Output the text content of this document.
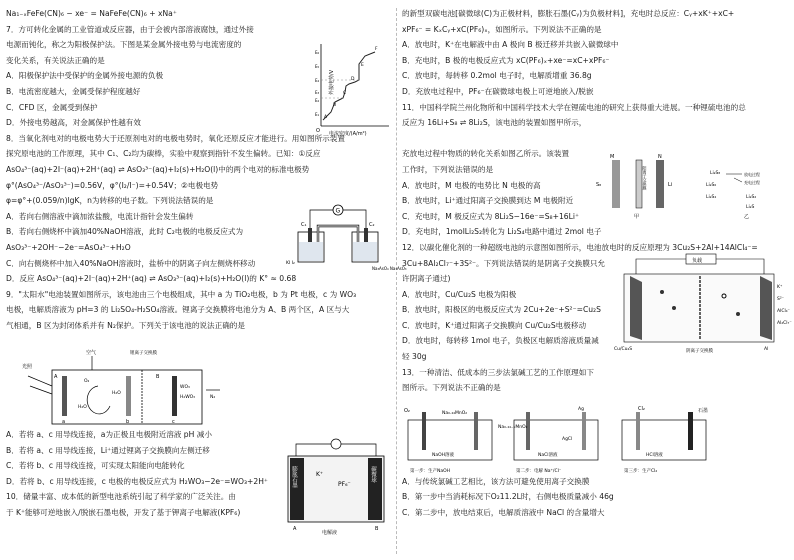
Na₁₋ₓFeFe(CN)₆ − xe⁻ = NaFeFe(CN)₆ + xNa⁺
7．方可转化金属的工业管道或反应器，由于会被内部溶液腐蚀，通过外接
电源而钝化，称之为阳极保护法。下图是某金属外接电势与电流密度的
变化关系，有关说法正确的是
A．阳极保护法中受保护的金属外接电源的负极
B．电流密度越大，金属受保护程度越好
C．CFD 区，金属受到保护
D．外接电势越高，对金属保护性越有效
8．当氧化剂电对的电极电势大于还原剂电对的电极电势时，氧化还原反应才能进行。用如图所示装置
探究原电池的工作原理，其中 C₁、C₂均为碳棒，实验中观察到指针不发生偏转。已知：①反应
AsO₄³⁻(aq)+2I⁻(aq)+2H⁺(aq) ⇌ AsO₃³⁻(aq)+I₂(s)+H₂O(l)中的两个电对的标准电极势
φ°(AsO₄³⁻/AsO₃³⁻)=0.56V，φ°(I₂/I⁻)=+0.54V；②电极电势
φ=φ°+(0.059/n)lgK，n为转移的电子数。下列说法错误的是
A．若向右侧溶液中滴加浓盐酸，电流计指针会发生偏转
B．若向右侧烧杯中滴加40%NaOH溶液，此时 C₂电极的电极反应式为
AsO₃³⁻+2OH⁻−2e⁻=AsO₄³⁻+H₂O
C．向右侧烧杯中加入40%NaOH溶液时，盐桥中的阴离子向左侧烧杯移动
D．反应 AsO₄³⁻(aq)+2I⁻(aq)+2H⁺(aq) ⇌ AsO₃³⁻(aq)+I₂(s)+H₂O(l)的 K° ≈ 0.68
9．"太阳水"电池装置如图所示，该电池由三个电极组成，其中 a 为 TiO₂电极，b 为 Pt 电极，c 为 WO₃
电极，电解质溶液为 pH=3 的 Li₂SO₄-H₂SO₄溶液。锂离子交换膜将电池分为 A、B 两个区，A 区与大
气相通，B 区为封闭体系并有 N₂保护。下列关于该电池的说法正确的是

A．若将 a、c 用导线连接，a为正极且电极附近溶液 pH 减小
B．若将 a、c 用导线连接，Li⁺通过锂离子交换膜向左侧迁移
C．若将 b、c 用导线连接，可实现太阳能向电能转化
D．若将 b、c 用导线连接，c 电极的电极反应式为 H₂WO₃−2e⁻=WO₃+2H⁺
10．储量丰富、成本低的新型电池系统引起了科学家的广泛关注。由
于 K⁺能够可逆地嵌入/脱嵌石墨电极，开发了基于钾离子电解液(KPF₆)
的新型双碳电池[碳微球(C)为正极材料，膨胀石墨(Cᵧ)为负极材料]，充电时总反应：Cᵧ+xK⁺+xC+
xPF₆⁻ = KₓCᵧ+xC(PF₆)ₓ，如图所示。下列说法不正确的是
A．放电时，K⁺在电解液中由 A 极向 B 极迁移并共嵌入碳微球中
B．充电时，B 极的电极反应式为 xC(PF₆)ₓ+xe⁻=xC+xPF₆⁻
C．放电时，每转移 0.2mol 电子时，电解质增重 36.8g
D．充放电过程中，PF₆⁻在碳微球电极上可逆地嵌入/脱嵌
11．中国科学院兰州化物所和中国科学技术大学在锂硫电池的研究上获得重大进展。一种锂硫电池的总
反应为 16Li+S₈ ⇌ 8Li₂S，该电池的装置如图甲所示，

充放电过程中物质的转化关系如图乙所示。该装置
工作时，下列说法错误的是
A．放电时，M 电极的电势比 N 电极的高
B．放电时，Li⁺通过阳离子交换膜到达 M 电极附近
C．充电时，M 极反应式为 8Li₂S−16e⁻=S₈+16Li⁺
D．充电时，1molLi₂S₂转化为 Li₂S₄电路中通过 2mol 电子
12．以碳化催化剂的一种超级电池的示意图如图所示，电池放电时的反应原理为 3Cu₂S+2Al+14AlCl₄⁻=
3Cu+8Al₂Cl₇⁻+3S²⁻。下列说法错误的是阴离子交换膜只允
许阴离子通过)
A．放电时，Cu/Cu₂S 电极为阳极
B．放电时，阳极区的电极反应式为 2Cu+2e⁻+S²⁻=Cu₂S
C．放电时，K⁺通过阳离子交换膜向 Cu/Cu₂S电极移动
D．放电时，每转移 1mol 电子，负极区电解质溶液质量减
轻 30g
13．一种清洁、低成本的三步法氯碱工艺的工作原理如下
图所示。下列说法不正确的是

A．与传统氯碱工艺相比，该方法可避免使用离子交换膜
B．第一步中当消耗标况下O₂11.2L时，右侧电极质量减小 46g
C．第二步中，放电结束后，电解质溶液中 NaCl 的含量增大
外接电势/V
电流密度/(A/m²)
O
A
B
C
D
E
F
E₆
E₅
E₄
E₃
E₂
E₁
G
C₁	C₂
KI I₂
Na₃AsO₄ Na₃AsO₃
光照
空气	锂离子交换膜
H₂O
O₂
H₂O
WO₃
H₂WO₃	N₂
A	B
a	b	c
膨胀石墨	碳微球
K⁺
PF₆⁻
A	B
电解液
M	N
S₈	Li
阳离子交换膜
甲
Li₂S₈
Li₂S₆
Li₂S₄	Li₂S₂
Li₂S
放电过程
充电过程
乙
负载
Cu/Cu₂S	Al
阴离子交换膜
K⁺
S²⁻
AlCl₄⁻
Al₂Cl₇⁻
O₂	Na₀.₄₄MnO₂
NaOH溶液
第一步：生产NaOH
Na₀.₄₄₋ₓMnO₂
Ag
AgCl
NaCl溶液
第二步：电解 Na⁺/Cl⁻
Cl₂	石墨
HCl溶液
第三步：生产Cl₂
